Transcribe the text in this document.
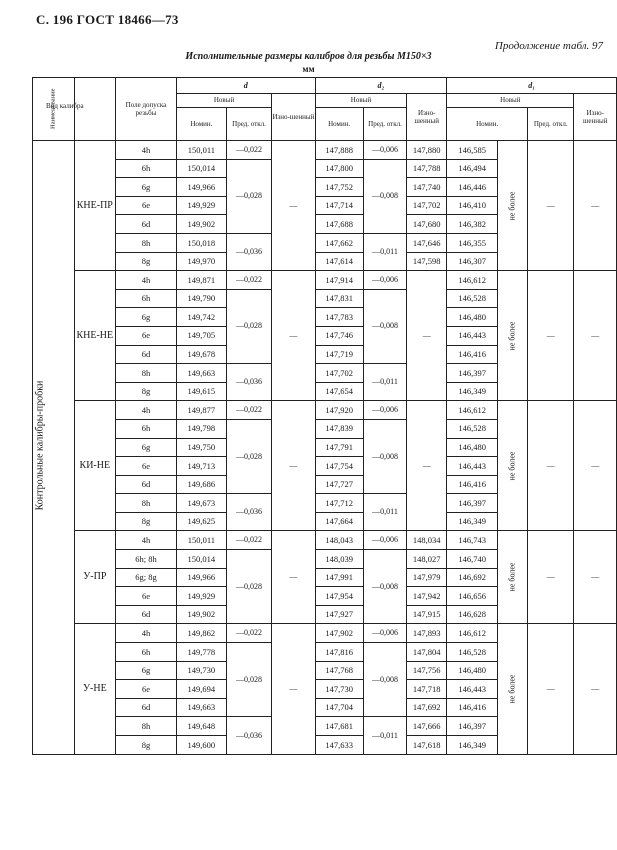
С. 196 ГОСТ 18466—73
Продолжение табл. 97
Исполнительные размеры калибров для резьбы М150×3
мм
Наименование		Поле допуска резьбы	d			d₂			d₁			
			Новый		Изно-шенный	Новый		Изно-шенный	Новый			Изно-шенный
			Номин.	Пред. откл.		Номин.	Пред. откл.		Номин.		Пред. откл.	
	КНЕ-ПР	4h	150,011	—0,022	—	147,888	—0,006	147,880	146,585	не более	—	—
		6h	150,014	—0,028		147,800	—0,008	147,788	146,494			
		6g	149,966			147,752		147,740	146,446			
		6e	149,929			147,714		147,702	146,410			
		6d	149,902			147,688		147,680	146,382			
		8h	150,018	—0,036		147,662	—0,011	147,646	146,355			
		8g	149,970			147,614		147,598	146,307			
	КНЕ-НЕ	4h	149,871	—0,022	—	147,914	—0,006	—	146,612	не более	—	—
		6h	149,790	—0,028		147,831	—0,008		146,528			
		6g	149,742			147,783			146,480			
		6e	149,705			147,746			146,443			
		6d	149,678			147,719			146,416			
		8h	149,663	—0,036		147,702	—0,011		146,397			
		8g	149,615			147,654			146,349			
	КИ-НЕ	4h	149,877	—0,022	—	147,920	—0,006	—	146,612	не более	—	—
		6h	149,798	—0,028		147,839	—0,008		146,528			
		6g	149,750			147,791			146,480			
		6e	149,713			147,754			146,443			
		6d	149,686			147,727			146,416			
		8h	149,673	—0,036		147,712	—0,011		146,397			
		8g	149,625			147,664			146,349			
	У-ПР	4h	150,011	—0,022	—	148,043	—0,006	148,034	146,743	не более	—	—
		6h; 8h	150,014	—0,028		148,039	—0,008	148,027	146,740			
		6g; 8g	149,966			147,991		147,979	146,692			
		6e	149,929			147,954		147,942	146,656			
		6d	149,902			147,927		147,915	146,628			
	У-НЕ	4h	149,862	—0,022	—	147,902	—0,006	147,893	146,612	не более	—	—
		6h	149,778	—0,028		147,816	—0,008	147,804	146,528			
		6g	149,730			147,768		147,756	146,480			
		6e	149,694			147,730		147,718	146,443			
		6d	149,663			147,704		147,692	146,416			
		8h	149,648	—0,036		147,681	—0,011	147,666	146,397			
		8g	149,600			147,633		147,618	146,349			
Вид калибра
Контрольные калибры-пробки
